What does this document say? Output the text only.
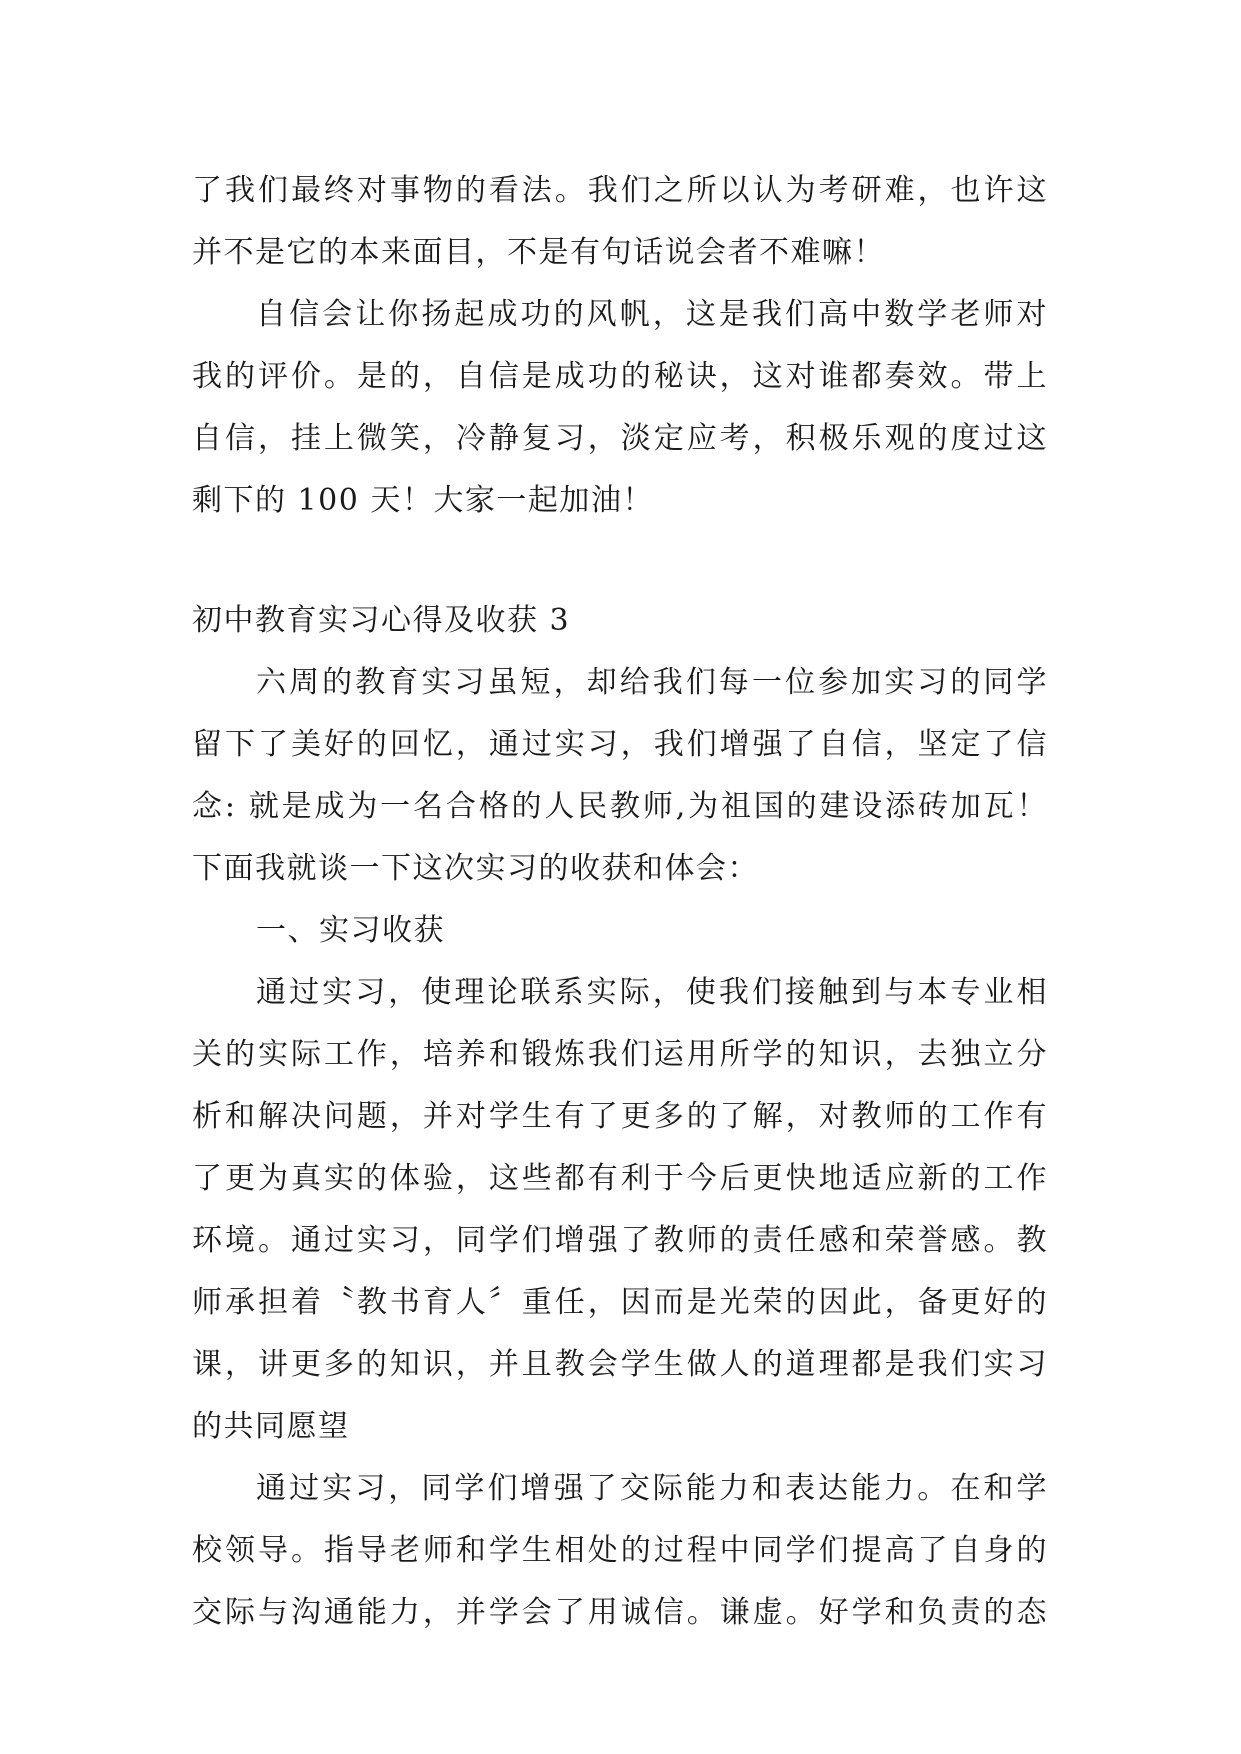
了我们最终对事物的看法。我们之所以认为考研难，也许这

并不是它的本来面目，不是有句话说会者不难嘛！

自信会让你扬起成功的风帆，这是我们高中数学老师对

我的评价。是的，自信是成功的秘诀，这对谁都奏效。带上

自信，挂上微笑，冷静复习，淡定应考，积极乐观的度过这

剩下的 100 天！大家一起加油！

初中教育实习心得及收获 3

六周的教育实习虽短，却给我们每一位参加实习的同学

留下了美好的回忆，通过实习，我们增强了自信，坚定了信

念: 就是成为一名合格的人民教师,为祖国的建设添砖加瓦！

下面我就谈一下这次实习的收获和体会：

一、实习收获

通过实习，使理论联系实际，使我们接触到与本专业相

关的实际工作，培养和锻炼我们运用所学的知识，去独立分

析和解决问题，并对学生有了更多的了解，对教师的工作有

了更为真实的体验，这些都有利于今后更快地适应新的工作

环境。通过实习，同学们增强了教师的责任感和荣誉感。教

师承担着〝教书育人〞重任，因而是光荣的因此，备更好的

课，讲更多的知识，并且教会学生做人的道理都是我们实习

的共同愿望

通过实习，同学们增强了交际能力和表达能力。在和学

校领导。指导老师和学生相处的过程中同学们提高了自身的

交际与沟通能力，并学会了用诚信。谦虚。好学和负责的态
